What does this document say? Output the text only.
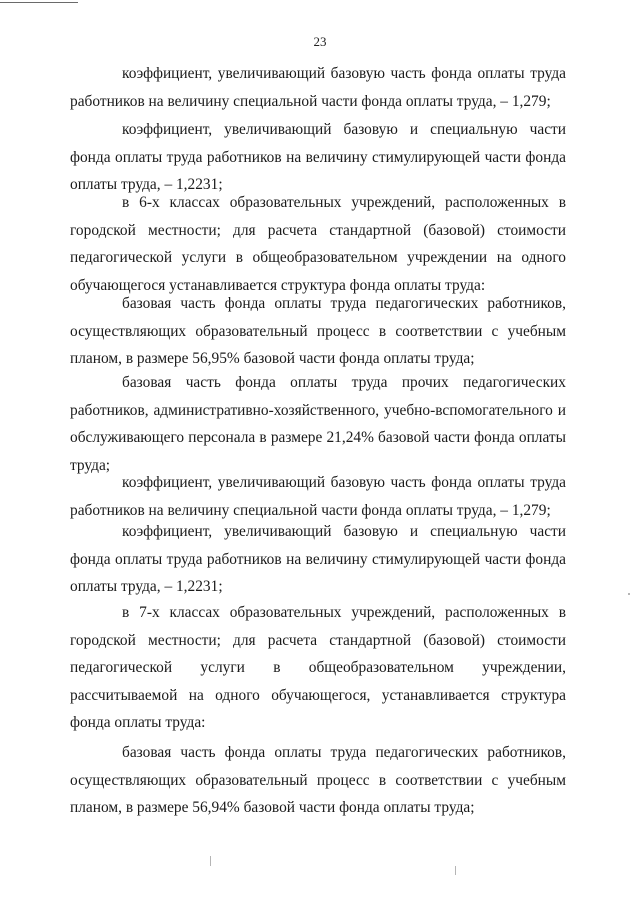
23

коэффициент, увеличивающий базовую часть фонда оплаты труда работников на величину специальной части фонда оплаты труда, – 1,279;

коэффициент, увеличивающий базовую и специальную части фонда оплаты труда работников на величину стимулирующей части фонда оплаты труда, – 1,2231;

в 6-х классах образовательных учреждений, расположенных в городской местности; для расчета стандартной (базовой) стоимости педагогической услуги в общеобразовательном учреждении на одного обучающегося устанавливается структура фонда оплаты труда:

базовая часть фонда оплаты труда педагогических работников, осуществляющих образовательный процесс в соответствии с учебным планом, в размере 56,95% базовой части фонда оплаты труда;

базовая часть фонда оплаты труда прочих педагогических работников, административно-хозяйственного, учебно-вспомогательного и обслуживающего персонала в размере 21,24% базовой части фонда оплаты труда;

коэффициент, увеличивающий базовую часть фонда оплаты труда работников на величину специальной части фонда оплаты труда, – 1,279;

коэффициент, увеличивающий базовую и специальную части фонда оплаты труда работников на величину стимулирующей части фонда оплаты труда, – 1,2231;

в 7-х классах образовательных учреждений, расположенных в городской местности; для расчета стандартной (базовой) стоимости педагогической услуги в общеобразовательном учреждении, рассчитываемой на одного обучающегося, устанавливается структура фонда оплаты труда:

базовая часть фонда оплаты труда педагогических работников, осуществляющих образовательный процесс в соответствии с учебным планом, в размере 56,94% базовой части фонда оплаты труда;
